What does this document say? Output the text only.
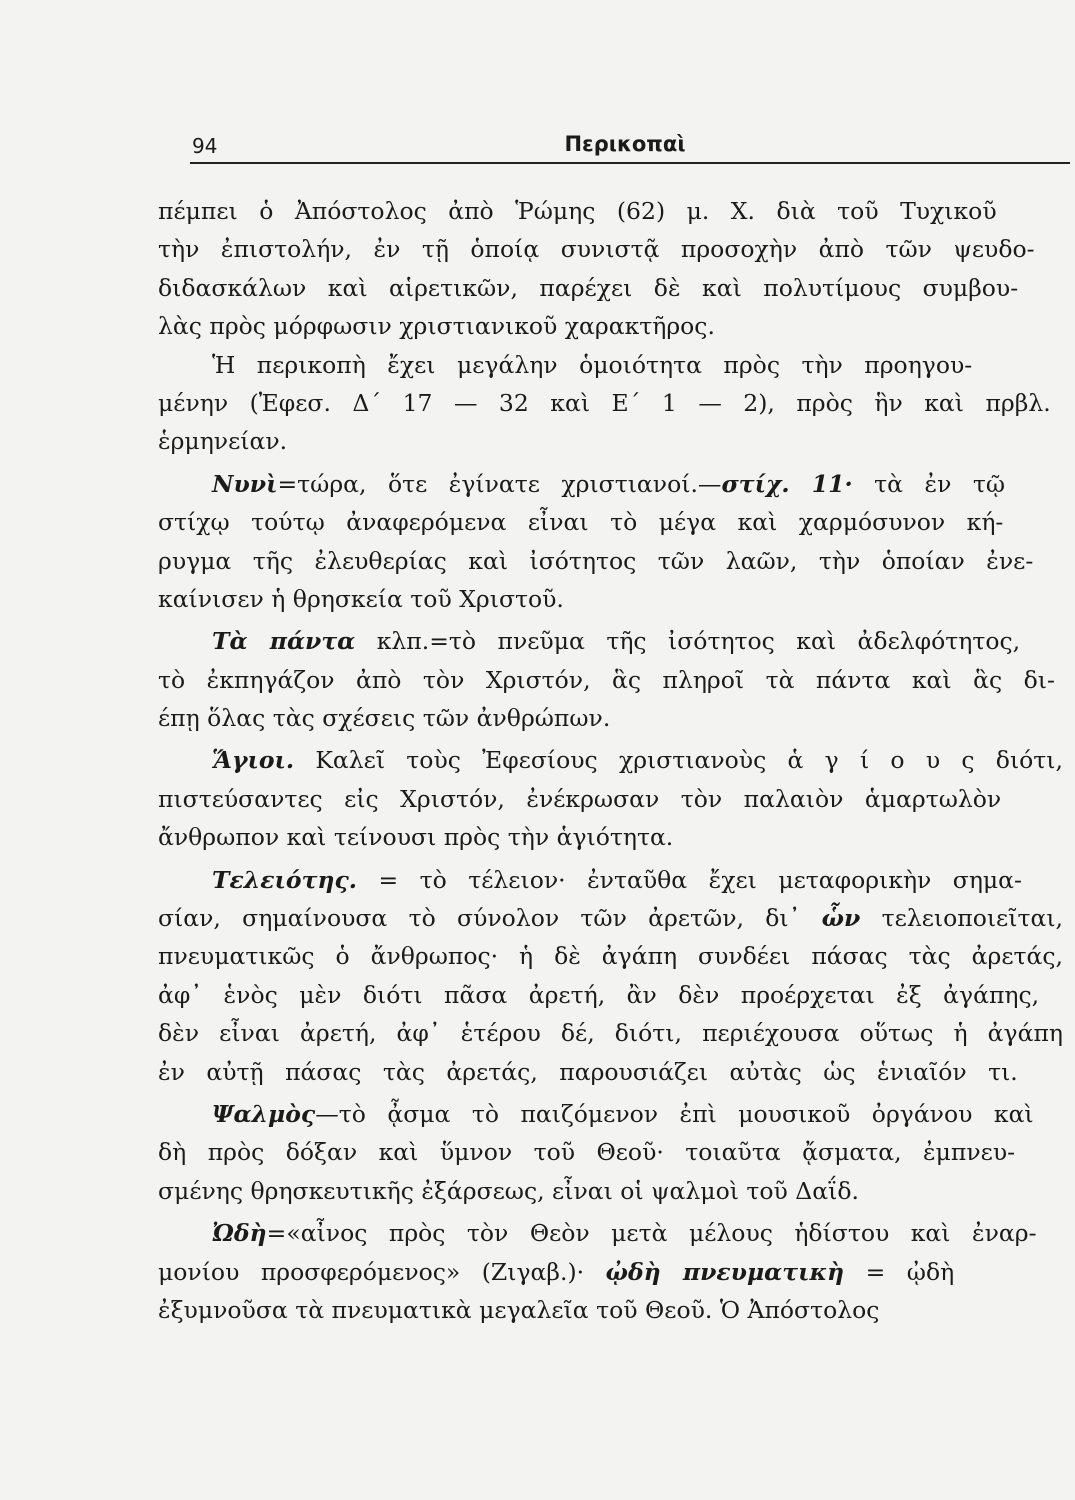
94	Περικοπαὶ
πέμπει ὁ Ἀπόστολος ἀπὸ Ῥώμης (62) μ. Χ. διὰ τοῦ Τυχικοῦ
τὴν ἐπιστολήν, ἐν τῇ ὁποίᾳ συνιστᾷ προσοχὴν ἀπὸ τῶν ψευδο-
διδασκάλων καὶ αἱρετικῶν, παρέχει δὲ καὶ πολυτίμους συμβου-
λὰς πρὸς μόρφωσιν χριστιανικοῦ χαρακτῆρος.
Ἡ περικοπὴ ἔχει μεγάλην ὁμοιότητα πρὸς τὴν προηγου-
μένην (Ἐφεσ. Δ΄ 17 — 32 καὶ Ε΄ 1 — 2), πρὸς ἣν καὶ πρβλ.
ἑρμηνείαν.
Νυνὶ=τώρα, ὅτε ἐγίνατε χριστιανοί.—στίχ. 11· τὰ ἐν τῷ
στίχῳ τούτῳ ἀναφερόμενα εἶναι τὸ μέγα καὶ χαρμόσυνον κή-
ρυγμα τῆς ἐλευθερίας καὶ ἰσότητος τῶν λαῶν, τὴν ὁποίαν ἐνε-
καίνισεν ἡ θρησκεία τοῦ Χριστοῦ.
Τὰ πάντα κλπ.=τὸ πνεῦμα τῆς ἰσότητος καὶ ἀδελφότητος,
τὸ ἐκπηγάζον ἀπὸ τὸν Χριστόν, ἃς πληροῖ τὰ πάντα καὶ ἃς δι-
έπῃ ὅλας τὰς σχέσεις τῶν ἀνθρώπων.
Ἅγιοι. Καλεῖ τοὺς Ἐφεσίους χριστιανοὺς ἁ γ ί ο υ ς διότι,
πιστεύσαντες εἰς Χριστόν, ἐνέκρωσαν τὸν παλαιὸν ἁμαρτωλὸν
ἄνθρωπον καὶ τείνουσι πρὸς τὴν ἁγιότητα.
Τελειότης. = τὸ τέλειον· ἐνταῦθα ἔχει μεταφορικὴν σημα-
σίαν, σημαίνουσα τὸ σύνολον τῶν ἀρετῶν, δι᾿ ὧν τελειοποιεῖται,
πνευματικῶς ὁ ἄνθρωπος· ἡ δὲ ἀγάπη συνδέει πάσας τὰς ἀρετάς,
ἀφ᾿ ἑνὸς μὲν διότι πᾶσα ἀρετή, ἂν δὲν προέρχεται ἐξ ἀγάπης,
δὲν εἶναι ἀρετή, ἀφ᾿ ἑτέρου δέ, διότι, περιέχουσα οὕτως ἡ ἀγάπη
ἐν αὐτῇ πάσας τὰς ἀρετάς, παρουσιάζει αὐτὰς ὡς ἑνιαῖόν τι.
Ψαλμὸς—τὸ ᾆσμα τὸ παιζόμενον ἐπὶ μουσικοῦ ὀργάνου καὶ
δὴ πρὸς δόξαν καὶ ὕμνον τοῦ Θεοῦ· τοιαῦτα ᾄσματα, ἐμπνευ-
σμένης θρησκευτικῆς ἐξάρσεως, εἶναι οἱ ψαλμοὶ τοῦ Δαΐδ.
Ὠδὴ=«αἶνος πρὸς τὸν Θεὸν μετὰ μέλους ἡδίστου καὶ ἐναρ-
μονίου προσφερόμενος» (Ζιγαβ.)· ᾠδὴ πνευματικὴ = ᾠδὴ
ἐξυμνοῦσα τὰ πνευματικὰ μεγαλεῖα τοῦ Θεοῦ. Ὁ Ἀπόστολος
